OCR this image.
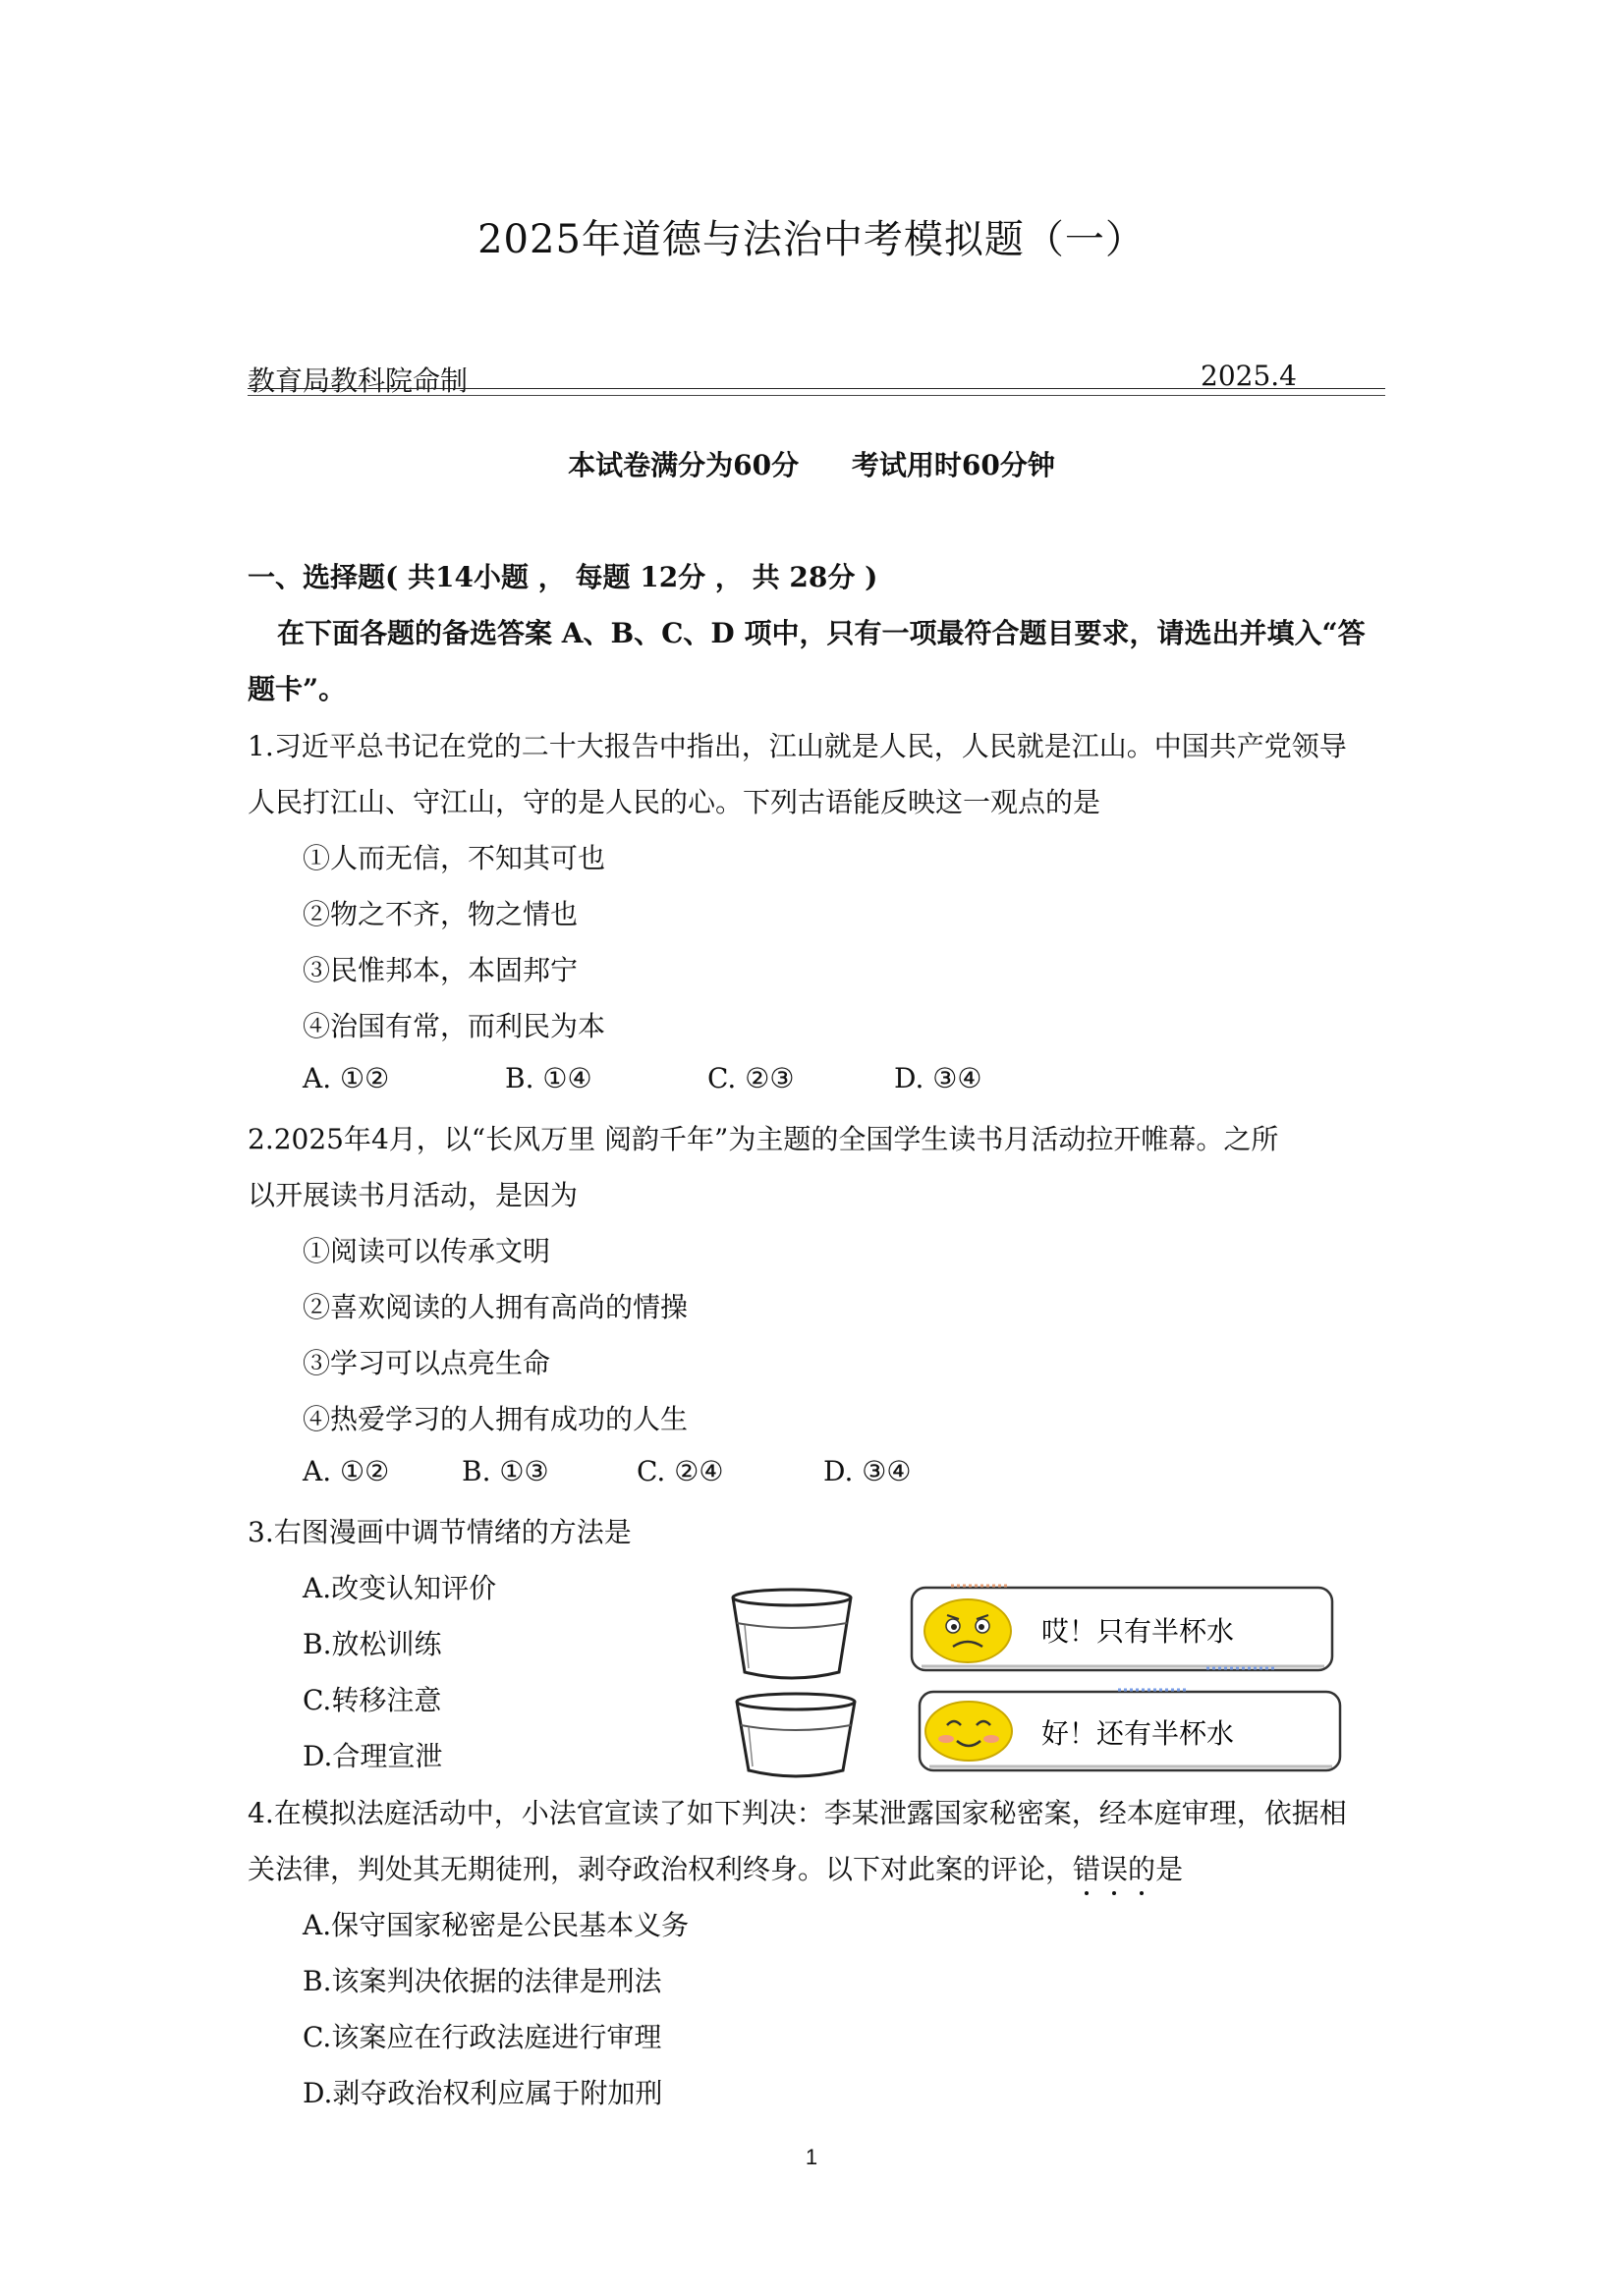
2025年道德与法治中考模拟题（一）
教育局教科院命制	2025.4
本试卷满分为60分 考试用时60分钟
一、选择题( 共14小题 ， 每题 12分 ， 共 28分 )
在下面各题的备选答案 A、B、C、D 项中，只有一项最符合题目要求，请选出并填入“答
题卡”。
1.习近平总书记在党的二十大报告中指出，江山就是人民，人民就是江山。中国共产党领导
人民打江山、守江山，守的是人民的心。下列古语能反映这一观点的是
①人而无信，不知其可也
②物之不齐，物之情也
③民惟邦本，本固邦宁
④治国有常，而利民为本
A. ①②	B. ①④	C. ②③	D. ③④
2.2025年4月，以“长风万里 阅韵千年”为主题的全国学生读书月活动拉开帷幕。之所
以开展读书月活动，是因为
①阅读可以传承文明
②喜欢阅读的人拥有高尚的情操
③学习可以点亮生命
④热爱学习的人拥有成功的人生
A. ①②	B. ①③	C. ②④	D. ③④
3.右图漫画中调节情绪的方法是
A.改变认知评价
B.放松训练
C.转移注意
D.合理宣泄
哎！只有半杯水
好！还有半杯水
4.在模拟法庭活动中，小法官宣读了如下判决：李某泄露国家秘密案，经本庭审理，依据相
关法律，判处其无期徒刑，剥夺政治权利终身。以下对此案的评论，错误的是
A.保守国家秘密是公民基本义务
B.该案判决依据的法律是刑法
C.该案应在行政法庭进行审理
D.剥夺政治权利应属于附加刑
1
